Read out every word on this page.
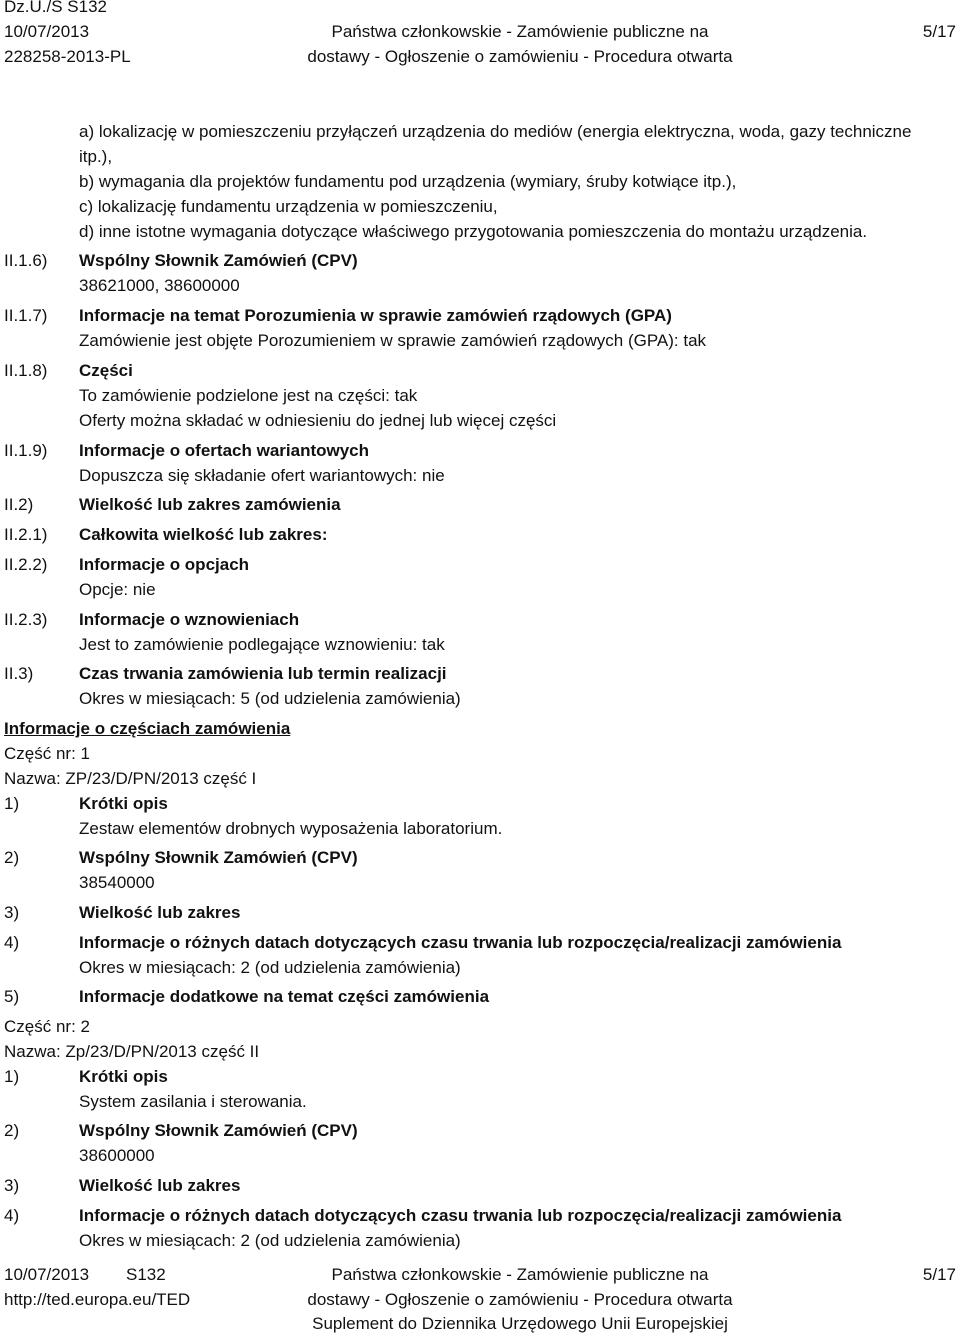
Dz.U./S S132
10/07/2013
228258-2013-PL
Państwa członkowskie - Zamówienie publiczne na
dostawy - Ogłoszenie o zamówieniu - Procedura otwarta
5/17
a) lokalizację w pomieszczeniu przyłączeń urządzenia do mediów (energia elektryczna, woda, gazy techniczne
itp.),
b) wymagania dla projektów fundamentu pod urządzenia (wymiary, śruby kotwiące itp.),
c) lokalizację fundamentu urządzenia w pomieszczeniu,
d) inne istotne wymagania dotyczące właściwego przygotowania pomieszczenia do montażu urządzenia.
II.1.6) Wspólny Słownik Zamówień (CPV)
38621000, 38600000
II.1.7) Informacje na temat Porozumienia w sprawie zamówień rządowych (GPA)
Zamówienie jest objęte Porozumieniem w sprawie zamówień rządowych (GPA): tak
II.1.8) Części
To zamówienie podzielone jest na części: tak
Oferty można składać w odniesieniu do jednej lub więcej części
II.1.9) Informacje o ofertach wariantowych
Dopuszcza się składanie ofert wariantowych: nie
II.2)	Wielkość lub zakres zamówienia
II.2.1) Całkowita wielkość lub zakres:
II.2.2) Informacje o opcjach
Opcje: nie
II.2.3) Informacje o wznowieniach
Jest to zamówienie podlegające wznowieniu: tak
II.3)	Czas trwania zamówienia lub termin realizacji
Okres w miesiącach: 5 (od udzielenia zamówienia)
Informacje o częściach zamówienia
Część nr: 1
Nazwa: ZP/23/D/PN/2013 część I
1)	Krótki opis
Zestaw elementów drobnych wyposażenia laboratorium.
2)	Wspólny Słownik Zamówień (CPV)
38540000
3)	Wielkość lub zakres
4)	Informacje o różnych datach dotyczących czasu trwania lub rozpoczęcia/realizacji zamówienia
Okres w miesiącach: 2 (od udzielenia zamówienia)
5)	Informacje dodatkowe na temat części zamówienia
Część nr: 2
Nazwa: Zp/23/D/PN/2013 część II
1)	Krótki opis
System zasilania i sterowania.
2)	Wspólny Słownik Zamówień (CPV)
38600000
3)	Wielkość lub zakres
4)	Informacje o różnych datach dotyczących czasu trwania lub rozpoczęcia/realizacji zamówienia
Okres w miesiącach: 2 (od udzielenia zamówienia)
10/07/2013 S132
http://ted.europa.eu/TED
Państwa członkowskie - Zamówienie publiczne na
dostawy - Ogłoszenie o zamówieniu - Procedura otwarta
Suplement do Dziennika Urzędowego Unii Europejskiej
5/17
